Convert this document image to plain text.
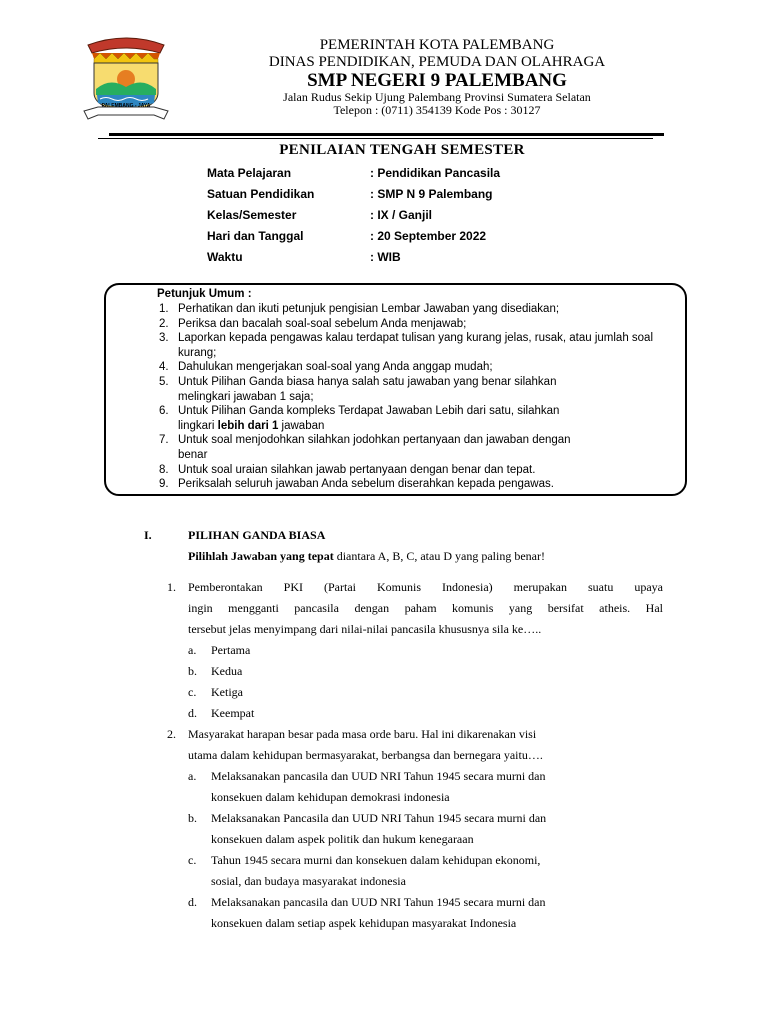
PALEMBANG - JAYA
PEMERINTAH KOTA PALEMBANG
DINAS PENDIDIKAN, PEMUDA DAN OLAHRAGA
SMP NEGERI 9 PALEMBANG
Jalan Rudus Sekip Ujung Palembang Provinsi Sumatera Selatan
Telepon : (0711) 354139 Kode Pos : 30127
PENILAIAN TENGAH SEMESTER
Mata Pelajaran	: Pendidikan Pancasila
Satuan Pendidikan	: SMP N 9 Palembang
Kelas/Semester	: IX / Ganjil
Hari dan Tanggal	: 20 September 2022
Waktu	: WIB
Petunjuk Umum :
1. Perhatikan dan ikuti petunjuk pengisian Lembar Jawaban yang disediakan;
2. Periksa dan bacalah soal-soal sebelum Anda menjawab;
3. Laporkan kepada pengawas kalau terdapat tulisan yang kurang jelas, rusak, atau jumlah soal kurang;
4. Dahulukan mengerjakan soal-soal yang Anda anggap mudah;
5. Untuk Pilihan Ganda biasa hanya salah satu jawaban yang benar silahkan melingkari jawaban 1 saja;
6. Untuk Pilihan Ganda kompleks Terdapat Jawaban Lebih dari satu, silahkan lingkari lebih dari 1 jawaban
7. Untuk soal menjodohkan silahkan jodohkan pertanyaan dan jawaban dengan benar
8. Untuk soal uraian silahkan jawab pertanyaan dengan benar dan tepat.
9. Periksalah seluruh jawaban Anda sebelum diserahkan kepada pengawas.
I.	PILIHAN GANDA BIASA
Pilihlah Jawaban yang tepat diantara A, B, C, atau D yang paling benar!
1. Pemberontakan PKI (Partai Komunis Indonesia) merupakan suatu upaya
ingin mengganti pancasila dengan paham komunis yang bersifat atheis. Hal
tersebut jelas menyimpang dari nilai-nilai pancasila khususnya sila ke…..
a. Pertama
b. Kedua
c. Ketiga
d. Keempat
2. Masyarakat harapan besar pada masa orde baru. Hal ini dikarenakan visi
utama dalam kehidupan bermasyarakat, berbangsa dan bernegara yaitu….
a. Melaksanakan pancasila dan UUD NRI Tahun 1945 secara murni dan
konsekuen dalam kehidupan demokrasi indonesia
b. Melaksanakan Pancasila dan UUD NRI Tahun 1945 secara murni dan
konsekuen dalam aspek politik dan hukum kenegaraan
c. Tahun 1945 secara murni dan konsekuen dalam kehidupan ekonomi,
sosial, dan budaya masyarakat indonesia
d. Melaksanakan pancasila dan UUD NRI Tahun 1945 secara murni dan
konsekuen dalam setiap aspek kehidupan masyarakat Indonesia
